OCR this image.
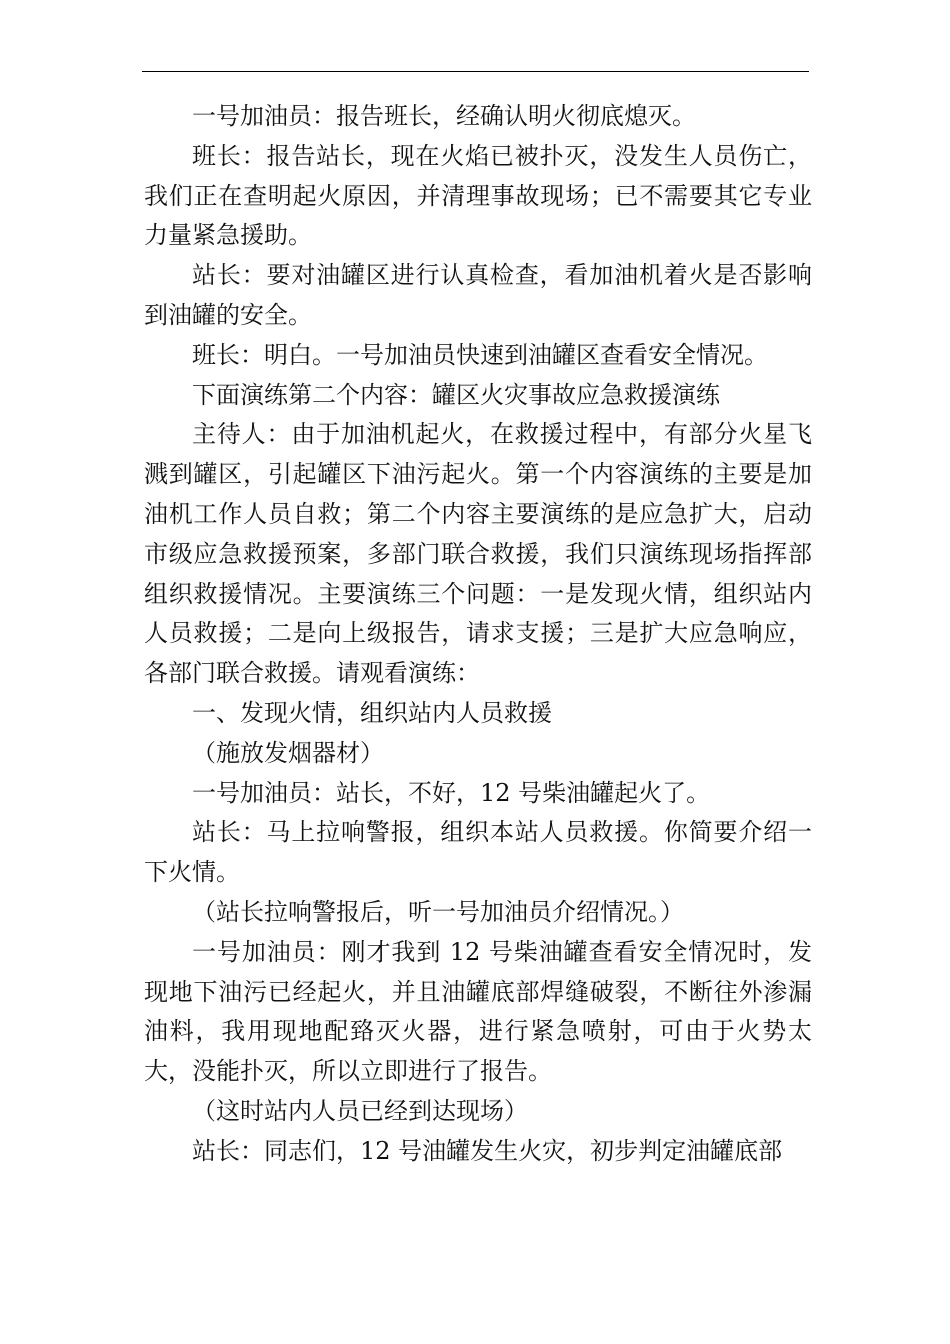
一号加油员：报告班长，经确认明火彻底熄灭。

班长：报告站长，现在火焰已被扑灭，没发生人员伤亡，我们正在查明起火原因，并清理事故现场；已不需要其它专业力量紧急援助。

站长：要对油罐区进行认真检查，看加油机着火是否影响到油罐的安全。

班长：明白。一号加油员快速到油罐区查看安全情况。

下面演练第二个内容：罐区火灾事故应急救援演练

主待人：由于加油机起火，在救援过程中，有部分火星飞溅到罐区，引起罐区下油污起火。第一个内容演练的主要是加油机工作人员自救；第二个内容主要演练的是应急扩大，启动市级应急救援预案，多部门联合救援，我们只演练现场指挥部组织救援情况。主要演练三个问题：一是发现火情，组织站内人员救援；二是向上级报告，请求支援；三是扩大应急响应，各部门联合救援。请观看演练：

一、发现火情，组织站内人员救援

（施放发烟器材）

一号加油员：站长，不好，12 号柴油罐起火了。

站长：马上拉响警报，组织本站人员救援。你简要介绍一下火情。

（站长拉响警报后，听一号加油员介绍情况。）

一号加油员：刚才我到 12 号柴油罐查看安全情况时，发现地下油污已经起火，并且油罐底部焊缝破裂，不断往外渗漏油料，我用现地配臵灭火器，进行紧急喷射，可由于火势太大，没能扑灭，所以立即进行了报告。

（这时站内人员已经到达现场）

站长：同志们，12 号油罐发生火灾，初步判定油罐底部
